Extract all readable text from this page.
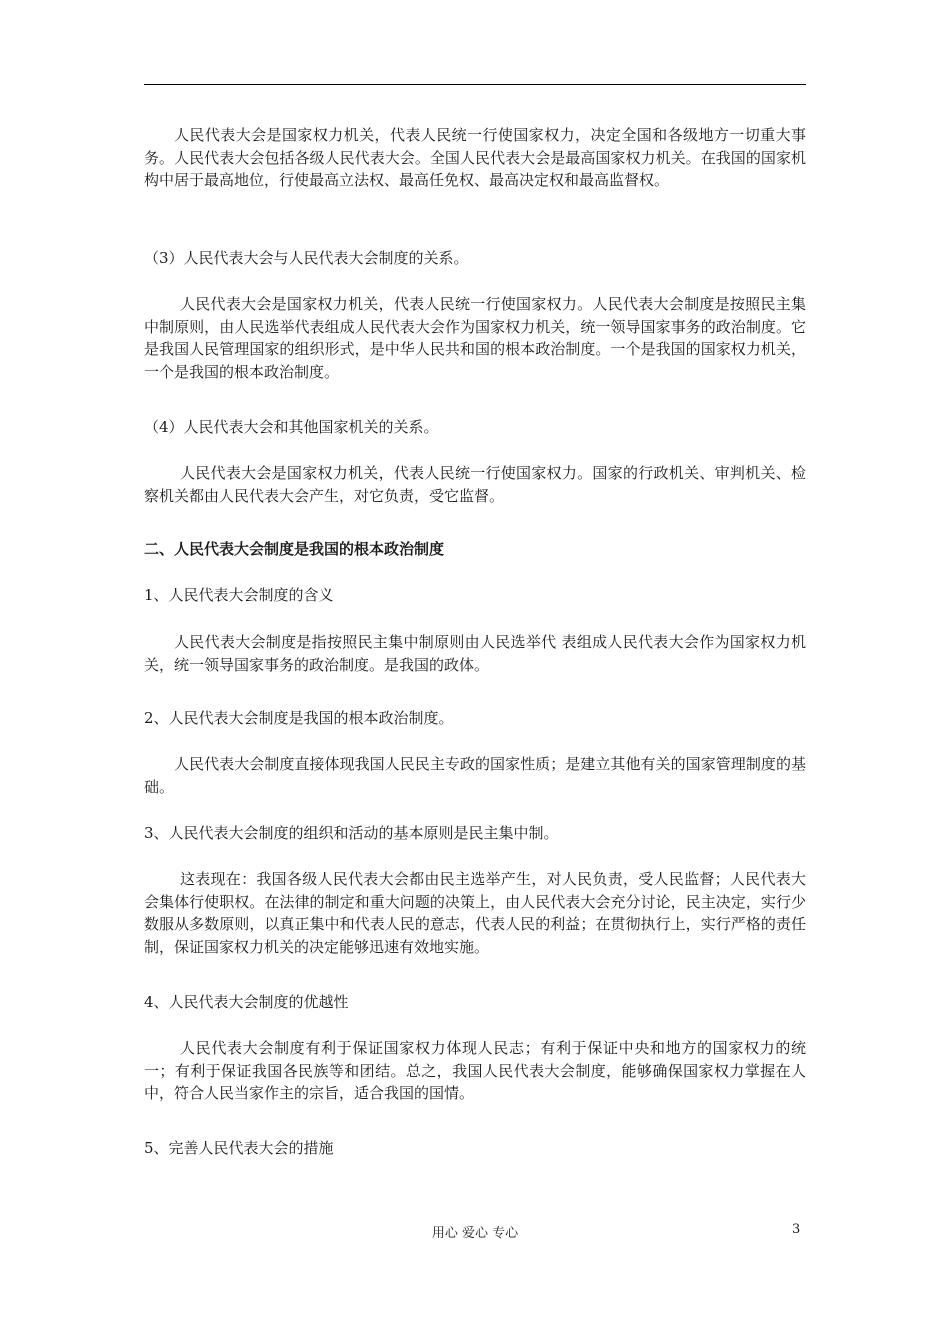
人民代表大会是国家权力机关，代表人民统一行使国家权力，决定全国和各级地方一切重大事务。人民代表大会包括各级人民代表大会。全国人民代表大会是最高国家权力机关。在我国的国家机构中居于最高地位，行使最高立法权、最高任免权、最高决定权和最高监督权。
（3）人民代表大会与人民代表大会制度的关系。
人民代表大会是国家权力机关，代表人民统一行使国家权力。人民代表大会制度是按照民主集中制原则，由人民选举代表组成人民代表大会作为国家权力机关，统一领导国家事务的政治制度。它是我国人民管理国家的组织形式，是中华人民共和国的根本政治制度。一个是我国的国家权力机关，一个是我国的根本政治制度。
（4）人民代表大会和其他国家机关的关系。
人民代表大会是国家权力机关，代表人民统一行使国家权力。国家的行政机关、审判机关、检察机关都由人民代表大会产生，对它负责，受它监督。
二、人民代表大会制度是我国的根本政治制度
1、人民代表大会制度的含义
人民代表大会制度是指按照民主集中制原则由人民选举代 表组成人民代表大会作为国家权力机关，统一领导国家事务的政治制度。是我国的政体。
2、人民代表大会制度是我国的根本政治制度。
人民代表大会制度直接体现我国人民民主专政的国家性质；是建立其他有关的国家管理制度的基础。
3、人民代表大会制度的组织和活动的基本原则是民主集中制。
这表现在：我国各级人民代表大会都由民主选举产生，对人民负责，受人民监督；人民代表大会集体行使职权。在法律的制定和重大问题的决策上，由人民代表大会充分讨论，民主决定，实行少数服从多数原则，以真正集中和代表人民的意志，代表人民的利益；在贯彻执行上，实行严格的责任制，保证国家权力机关的决定能够迅速有效地实施。
4、人民代表大会制度的优越性
人民代表大会制度有利于保证国家权力体现人民志；有利于保证中央和地方的国家权力的统一；有利于保证我国各民族等和团结。总之，我国人民代表大会制度，能够确保国家权力掌握在人中，符合人民当家作主的宗旨，适合我国的国情。
5、完善人民代表大会的措施
用心 爱心 专心	3
